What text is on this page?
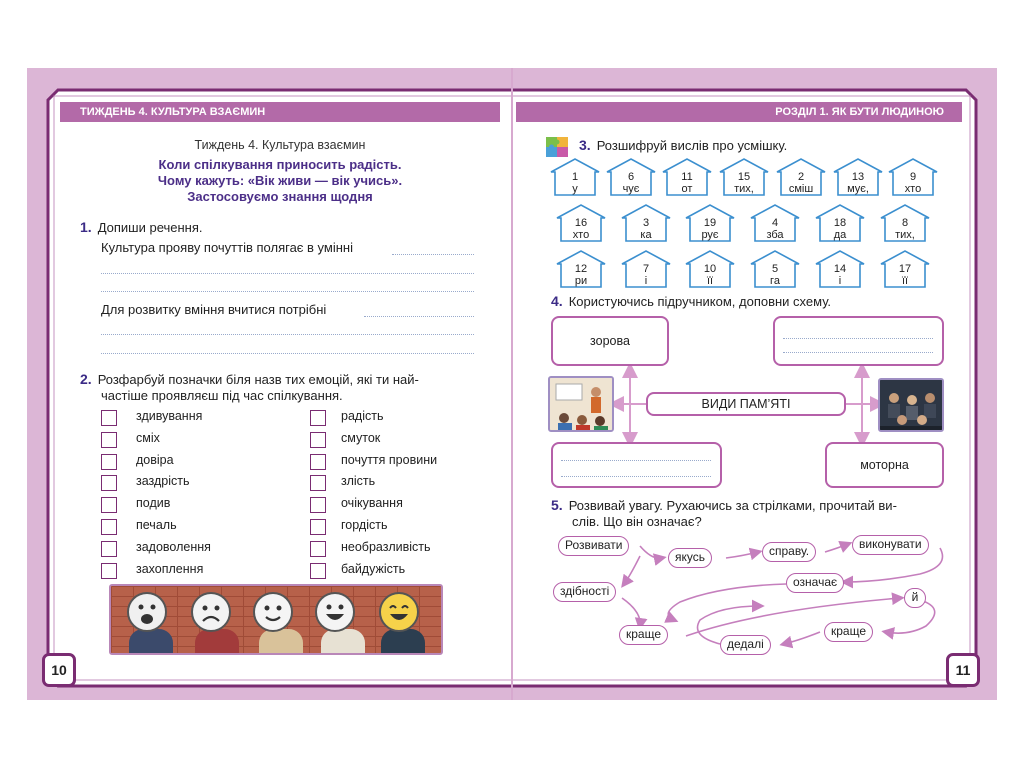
ТИЖДЕНЬ 4. КУЛЬТУРА ВЗАЄМИН	РОЗДІЛ 1. ЯК БУТИ ЛЮДИНОЮ
Тиждень 4. Культура взаємин
Коли спілкування приносить радість.
Чому кажуть: «Вік живи — вік учись».
Застосовуємо знання щодня
1. Допиши речення.
Культура прояву почуттів полягає в умінні
Для розвитку вміння вчитися потрібні
2. Розфарбуй позначки біля назв тих емоцій, які ти най-
частіше проявляєш під час спілкування.
здивування
сміх
довіра
заздрість
подив
печаль
задоволення
захоплення
радість
смуток
почуття провини
злість
очікування
гордість
необразливість
байдужість
10
3. Розшифруй вислів про усмішку.
1
у
6
чує
11
от
15
тих,
2
сміш
13
мує,
9
хто
16
хто
3
ка
19
рує
4
зба
18
да
8
тих,
12
ри
7
і
10
її
5
га
14
і
17
її
4. Користуючись підручником, доповни схему.
зорова
ВИДИ ПАМ’ЯТІ
моторна
5. Розвивай увагу. Рухаючись за стрілками, прочитай ви-
слів. Що він означає?
Розвивати
якусь	справу.	виконувати
здібності
означає
й
краще
дедалі
краще
11
